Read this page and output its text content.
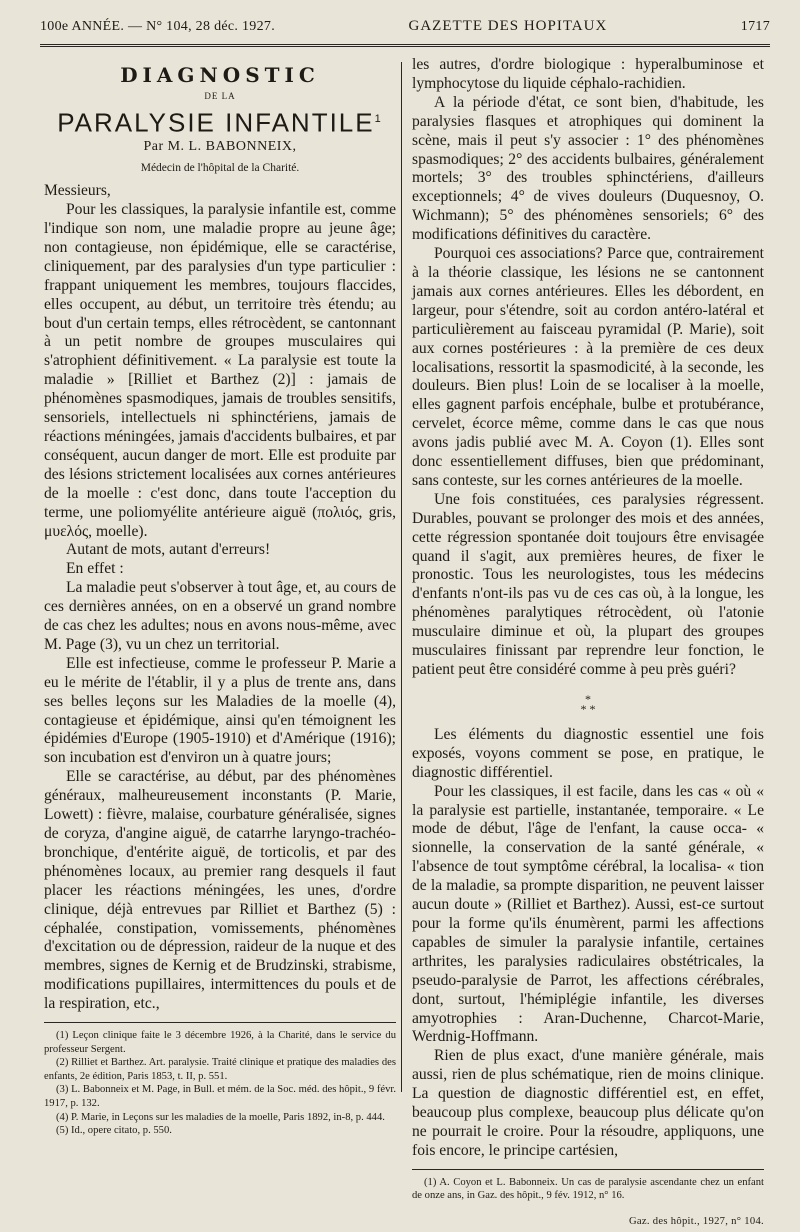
100e ANNÉE. — N° 104, 28 déc. 1927.	GAZETTE DES HOPITAUX	1717
DIAGNOSTIC
DE LA
PARALYSIE INFANTILE$^1$
Par M. L. BABONNEIX,
Médecin de l'hôpital de la Charité.

Messieurs,

Pour les classiques, la paralysie infantile est, comme l'indique son nom, une maladie propre au jeune âge; non contagieuse, non épidémique, elle se caractérise, cliniquement, par des paralysies d'un type particulier : frappant uniquement les membres, toujours flaccides, elles occupent, au début, un territoire très étendu; au bout d'un certain temps, elles rétrocèdent, se cantonnant à un petit nombre de groupes musculaires qui s'atrophient définitivement. « La paralysie est toute la maladie » [Rilliet et Barthez (2)] : jamais de phénomènes spasmodiques, jamais de troubles sensitifs, sensoriels, intellectuels ni sphinctériens, jamais de réactions méningées, jamais d'accidents bulbaires, et par conséquent, aucun danger de mort. Elle est produite par des lésions strictement localisées aux cornes antérieures de la moelle : c'est donc, dans toute l'acception du terme, une poliomyélite antérieure aiguë (πολιός, gris, μυελός, moelle).

Autant de mots, autant d'erreurs!

En effet :

La maladie peut s'observer à tout âge, et, au cours de ces dernières années, on en a observé un grand nombre de cas chez les adultes; nous en avons nous-même, avec M. Page (3), vu un chez un territorial.

Elle est infectieuse, comme le professeur P. Marie a eu le mérite de l'établir, il y a plus de trente ans, dans ses belles leçons sur les Maladies de la moelle (4), contagieuse et épidémique, ainsi qu'en témoignent les épidémies d'Europe (1905-1910) et d'Amérique (1916); son incubation est d'environ un à quatre jours;

Elle se caractérise, au début, par des phénomènes généraux, malheureusement inconstants (P. Marie, Lowett) : fièvre, malaise, courbature généralisée, signes de coryza, d'angine aiguë, de catarrhe laryngo-trachéo-bronchique, d'entérite aiguë, de torticolis, et par des phénomènes locaux, au premier rang desquels il faut placer les réactions méningées, les unes, d'ordre clinique, déjà entrevues par Rilliet et Barthez (5) : céphalée, constipation, vomissements, phénomènes d'excitation ou de dépression, raideur de la nuque et des membres, signes de Kernig et de Brudzinski, strabisme, modifications pupillaires, intermittences du pouls et de la respiration, etc.,

(1) Leçon clinique faite le 3 décembre 1926, à la Charité, dans le service du professeur Sergent.

(2) Rilliet et Barthez. Art. paralysie. Traité clinique et pratique des maladies des enfants, 2e édition, Paris 1853, t. II, p. 551.

(3) L. Babonneix et M. Page, in Bull. et mém. de la Soc. méd. des hôpit., 9 févr. 1917, p. 132.

(4) P. Marie, in Leçons sur les maladies de la moelle, Paris 1892, in-8, p. 444.

(5) Id., opere citato, p. 550.

les autres, d'ordre biologique : hyperalbuminose et lymphocytose du liquide céphalo-rachidien.

A la période d'état, ce sont bien, d'habitude, les paralysies flasques et atrophiques qui dominent la scène, mais il peut s'y associer : 1° des phénomènes spasmodiques; 2° des accidents bulbaires, généralement mortels; 3° des troubles sphinctériens, d'ailleurs exceptionnels; 4° de vives douleurs (Duquesnoy, O. Wichmann); 5° des phénomènes sensoriels; 6° des modifications définitives du caractère.

Pourquoi ces associations? Parce que, contrairement à la théorie classique, les lésions ne se cantonnent jamais aux cornes antérieures. Elles les débordent, en largeur, pour s'étendre, soit au cordon antéro-latéral et particulièrement au faisceau pyramidal (P. Marie), soit aux cornes postérieures : à la première de ces deux localisations, ressortit la spasmodicité, à la seconde, les douleurs. Bien plus! Loin de se localiser à la moelle, elles gagnent parfois encéphale, bulbe et protubérance, cervelet, écorce même, comme dans le cas que nous avons jadis publié avec M. A. Coyon (1). Elles sont donc essentiellement diffuses, bien que prédominant, sans conteste, sur les cornes antérieures de la moelle.

Une fois constituées, ces paralysies régressent. Durables, pouvant se prolonger des mois et des années, cette régression spontanée doit toujours être envisagée quand il s'agit, aux premières heures, de fixer le pronostic. Tous les neurologistes, tous les médecins d'enfants n'ont-ils pas vu de ces cas où, à la longue, les phénomènes paralytiques rétrocèdent, où l'atonie musculaire diminue et où, la plupart des groupes musculaires finissant par reprendre leur fonction, le patient peut être considéré comme à peu près guéri?

*
* *

Les éléments du diagnostic essentiel une fois exposés, voyons comment se pose, en pratique, le diagnostic différentiel.

Pour les classiques, il est facile, dans les cas « où « la paralysie est partielle, instantanée, temporaire. « Le mode de début, l'âge de l'enfant, la cause occa- « sionnelle, la conservation de la santé générale, « l'absence de tout symptôme cérébral, la localisa- « tion de la maladie, sa prompte disparition, ne peuvent laisser aucun doute » (Rilliet et Barthez). Aussi, est-ce surtout pour la forme qu'ils énumèrent, parmi les affections capables de simuler la paralysie infantile, certaines arthrites, les paralysies radiculaires obstétricales, la pseudo-paralysie de Parrot, les affections cérébrales, dont, surtout, l'hémiplégie infantile, les diverses amyotrophies : Aran-Duchenne, Charcot-Marie, Werdnig-Hoffmann.

Rien de plus exact, d'une manière générale, mais aussi, rien de plus schématique, rien de moins clinique. La question de diagnostic différentiel est, en effet, beaucoup plus complexe, beaucoup plus délicate qu'on ne pourrait le croire. Pour la résoudre, appliquons, une fois encore, le principe cartésien,

(1) A. Coyon et L. Babonneix. Un cas de paralysie ascendante chez un enfant de onze ans, in Gaz. des hôpit., 9 fév. 1912, n° 16.

Gaz. des hôpit., 1927, n° 104.
